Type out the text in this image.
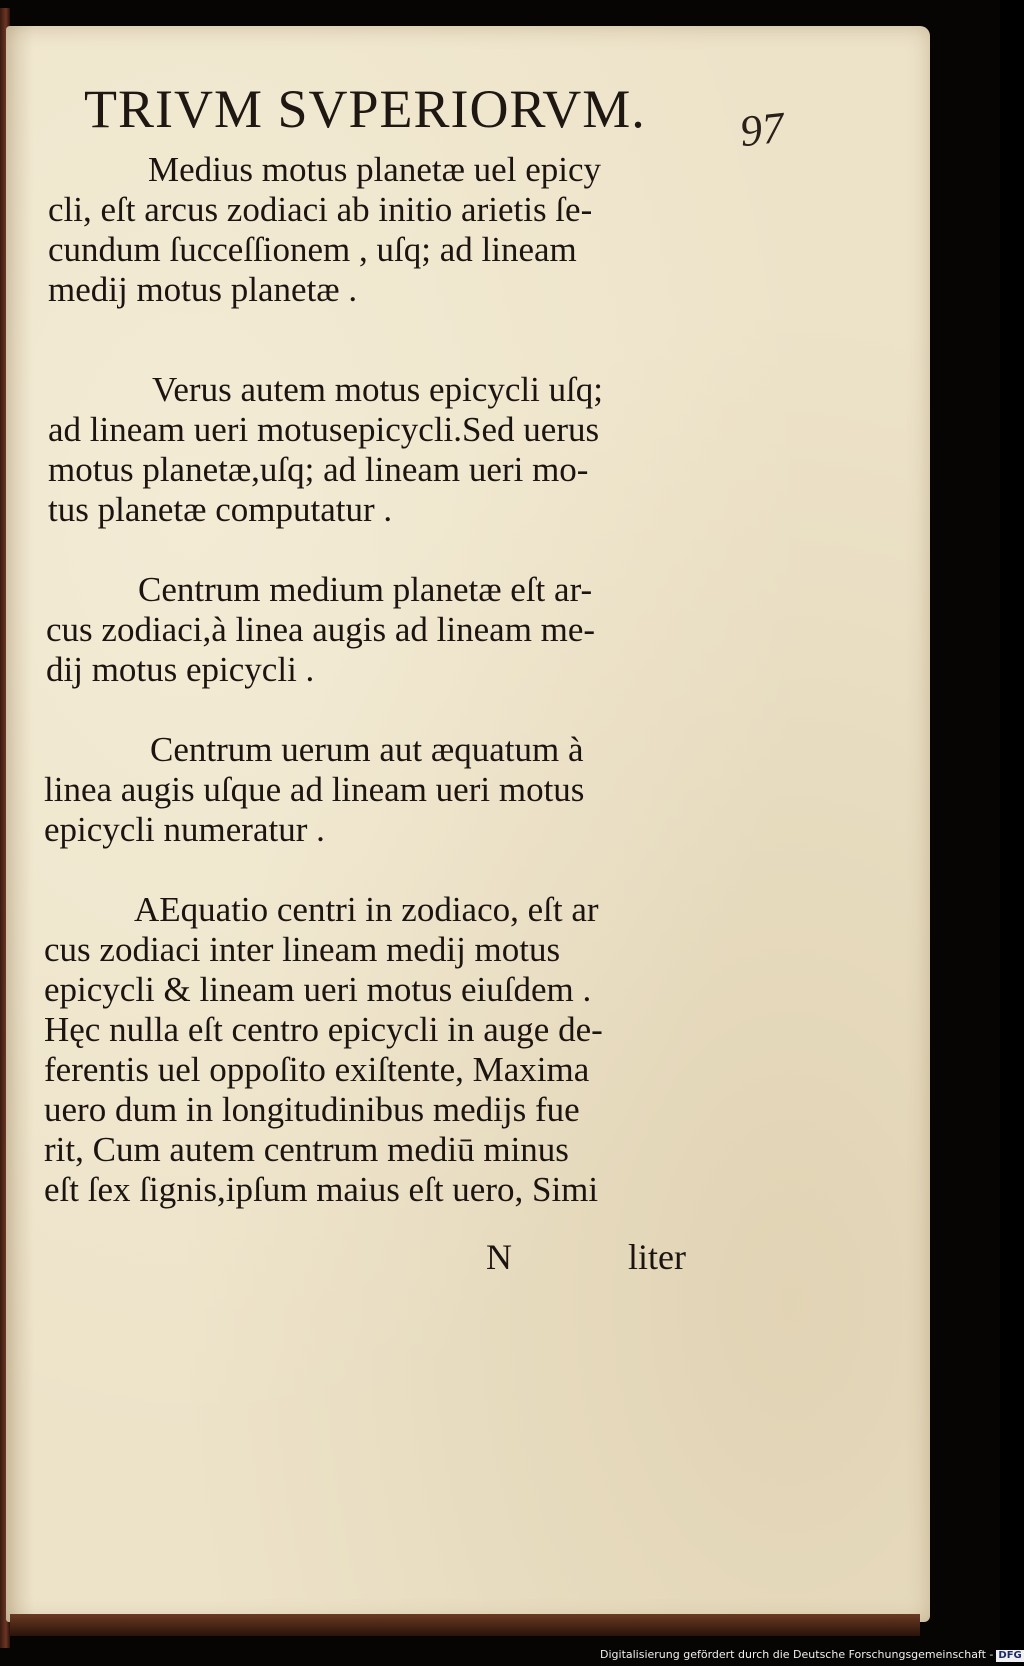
TRIVM SVPERIORVM. 97
Medius motus planetæ uel epicy
cli, eſt arcus zodiaci ab initio arietis ſe-
cundum ſucceſſionem , uſq; ad lineam
medij motus planetæ .
Verus autem motus epicycli uſq;
ad lineam ueri motusepicycli.Sed uerus
motus planetæ,uſq; ad lineam ueri mo-
tus planetæ computatur .
Centrum medium planetæ eſt ar-
cus zodiaci,à linea augis ad lineam me-
dij motus epicycli .
Centrum uerum aut æquatum à
linea augis uſque ad lineam ueri motus
epicycli numeratur .
AEquatio centri in zodiaco, eſt ar
cus zodiaci inter lineam medij motus
epicycli & lineam ueri motus eiuſdem .
Hęc nulla eſt centro epicycli in auge de-
ferentis uel oppoſito exiſtente, Maxima
uero dum in longitudinibus medijs fue
rit, Cum autem centrum mediū minus
eſt ſex ſignis,ipſum maius eſt uero, Simi
N	liter
Digitalisierung gefördert durch die Deutsche Forschungsgemeinschaft - DFG
